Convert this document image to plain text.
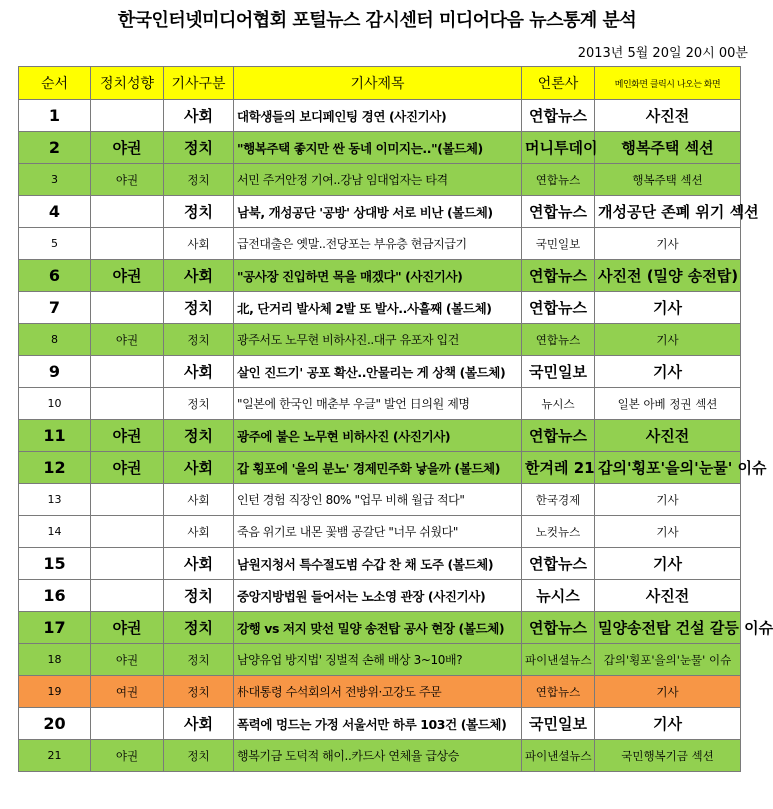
한국인터넷미디어협회 포털뉴스 감시센터 미디어다음 뉴스통계 분석
2013년 5월 20일 20시 00분
순서	정치성향	기사구분	기사제목	언론사	메인화면 클릭시 나오는 화면
1		사회	대학생들의 보디페인팅 경연 (사진기사)	연합뉴스	사진전
2	야권	정치	"행복주택 좋지만 싼 동네 이미지는.."(볼드체)	머니투데이	행복주택 섹션
3	야권	정치	서민 주거안정 기여..강남 임대업자는 타격	연합뉴스	행복주택 섹션
4		정치	남북, 개성공단 '공방' 상대방 서로 비난 (볼드체)	연합뉴스	개성공단 존폐 위기 섹션
5		사회	급전대출은 옛말..전당포는 부유층 현금지급기	국민일보	기사
6	야권	사회	"공사장 진입하면 목을 매겠다" (사진기사)	연합뉴스	사진전 (밀양 송전탑)
7		정치	北, 단거리 발사체 2발 또 발사..사흘째 (볼드체)	연합뉴스	기사
8	야권	정치	광주서도 노무현 비하사진..대구 유포자 입건	연합뉴스	기사
9		사회	살인 진드기' 공포 확산..안물리는 게 상책 (볼드체)	국민일보	기사
10		정치	"일본에 한국인 매춘부 우글" 발언 日의원 제명	뉴시스	일본 아베 정권 섹션
11	야권	정치	광주에 붙은 노무현 비하사진 (사진기사)	연합뉴스	사진전
12	야권	사회	갑 횡포에 '을의 분노' 경제민주화 낳을까 (볼드체)	한겨레 21	갑의'횡포'을의'눈물' 이슈
13		사회	인턴 경험 직장인 80% "업무 비해 월급 적다"	한국경제	기사
14		사회	죽음 위기로 내몬 꽃뱀 공갈단 "너무 쉬웠다"	노컷뉴스	기사
15		사회	남원지청서 특수절도범 수갑 찬 채 도주 (볼드체)	연합뉴스	기사
16		정치	중앙지방법원 들어서는 노소영 관장 (사진기사)	뉴시스	사진전
17	야권	정치	강행 vs 저지 맞선 밀양 송전탑 공사 현장 (볼드체)	연합뉴스	밀양송전탑 건설 갈등 이슈
18	야권	정치	남양유업 방지법' 징벌적 손해 배상 3~10배?	파이낸셜뉴스	갑의'횡포'을의'눈물' 이슈
19	여권	정치	朴대통령 수석회의서 전방위·고강도 주문	연합뉴스	기사
20		사회	폭력에 멍드는 가정 서울서만 하루 103건 (볼드체)	국민일보	기사
21	야권	정치	행복기금 도덕적 해이..카드사 연체율 급상승	파이낸셜뉴스	국민행복기금 섹션
